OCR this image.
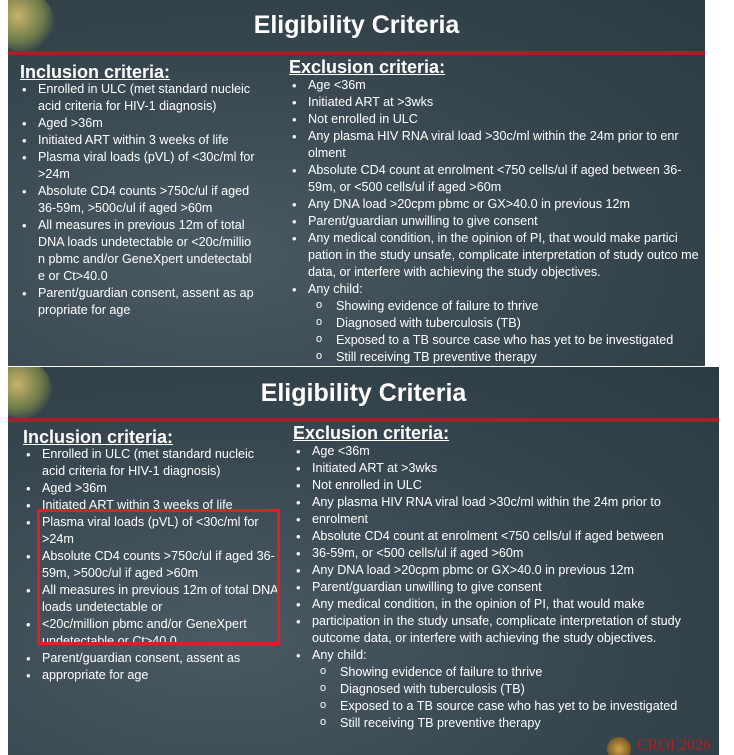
Eligibility Criteria
Inclusion criteria:
• Enrolled in ULC (met standard nucleic acid criteria for HIV-1 diagnosis)
• Aged >36m
• Initiated ART within 3 weeks of life
• Plasma viral loads (pVL) of <30c/ml for >24m
• Absolute CD4 counts >750c/ul if aged 36-59m, >500c/ul if aged >60m
• All measures in previous 12m of total DNA loads undetectable or <20c/millio n pbmc and/or GeneXpert undetectabl e or Ct>40.0
• Parent/guardian consent, assent as ap propriate for age
Exclusion criteria:
• Age <36m
• Initiated ART at >3wks
• Not enrolled in ULC
• Any plasma HIV RNA viral load >30c/ml within the 24m prior to enr olment
• Absolute CD4 count at enrolment <750 cells/ul if aged between 36-59m, or <500 cells/ul if aged >60m
• Any DNA load >20cpm pbmc or GX>40.0 in previous 12m
• Parent/guardian unwilling to give consent
• Any medical condition, in the opinion of PI, that would make partici pation in the study unsafe, complicate interpretation of study outco me data, or interfere with achieving the study objectives.
• Any child:
o Showing evidence of failure to thrive
o Diagnosed with tuberculosis (TB)
o Exposed to a TB source case who has yet to be investigated
o Still receiving TB preventive therapy
Eligibility Criteria
Inclusion criteria:
• Enrolled in ULC (met standard nucleic acid criteria for HIV-1 diagnosis)
• Aged >36m
• Initiated ART within 3 weeks of life
• Plasma viral loads (pVL) of <30c/ml for >24m
• Absolute CD4 counts >750c/ul if aged 36-59m, >500c/ul if aged >60m
• All measures in previous 12m of total DNA loads undetectable or
• <20c/million pbmc and/or GeneXpert undetectable or Ct>40.0
• Parent/guardian consent, assent as
• appropriate for age
Exclusion criteria:
• Age <36m
• Initiated ART at >3wks
• Not enrolled in ULC
• Any plasma HIV RNA viral load >30c/ml within the 24m prior to
• enrolment
• Absolute CD4 count at enrolment <750 cells/ul if aged between
• 36-59m, or <500 cells/ul if aged >60m
• Any DNA load >20cpm pbmc or GX>40.0 in previous 12m
• Parent/guardian unwilling to give consent
• Any medical condition, in the opinion of PI, that would make
• participation in the study unsafe, complicate interpretation of study outcome data, or interfere with achieving the study objectives.
• Any child:
o Showing evidence of failure to thrive
o Diagnosed with tuberculosis (TB)
o Exposed to a TB source case who has yet to be investigated
o Still receiving TB preventive therapy
CROI 2026
